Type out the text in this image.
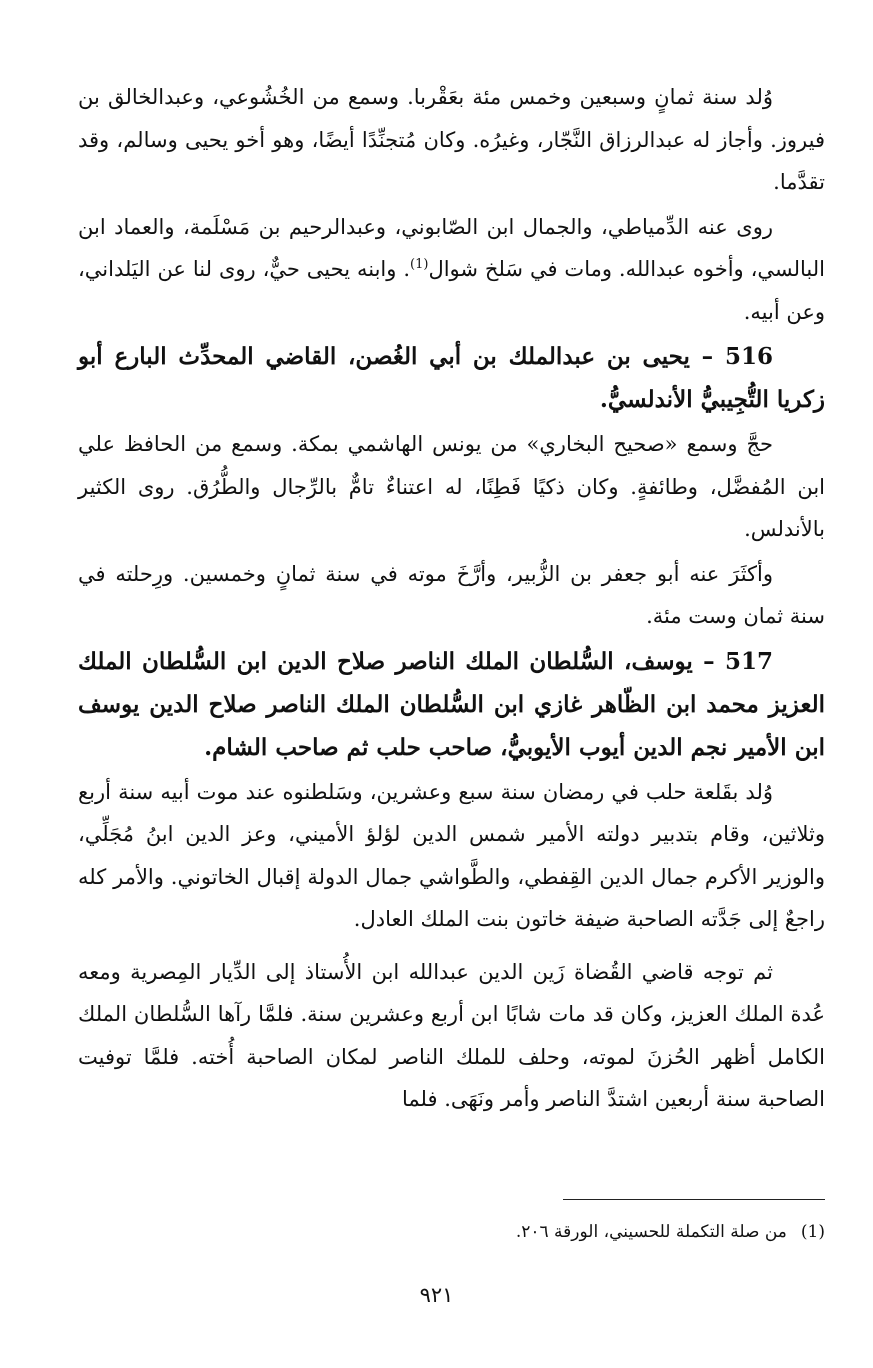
وُلد سنة ثمانٍ وسبعين وخمس مئة بعَقْربا. وسمع من الخُشُوعي، وعبدالخالق بن فيروز. وأجاز له عبدالرزاق النَّجّار، وغيرُه. وكان مُتجنِّدًا أيضًا، وهو أخو يحيى وسالم، وقد تقدَّما.

روى عنه الدِّمياطي، والجمال ابن الصّابوني، وعبدالرحيم بن مَسْلَمة، والعماد ابن البالسي، وأخوه عبدالله. ومات في سَلخ شوال$^{(1)}$. وابنه يحيى حيٌّ، روى لنا عن اليَلداني، وعن أبيه.

516 – يحيى بن عبدالملك بن أبي الغُصن، القاضي المحدِّث البارع أبو زكريا التُّجِيبيُّ الأندلسيُّ.

حجَّ وسمع «صحيح البخاري» من يونس الهاشمي بمكة. وسمع من الحافظ علي ابن المُفضَّل، وطائفةٍ. وكان ذكيًا فَطِنًا، له اعتناءٌ تامٌّ بالرِّجال والطُّرُق. روى الكثير بالأندلس.

وأكثَرَ عنه أبو جعفر بن الزُّبير، وأرَّخَ موته في سنة ثمانٍ وخمسين. ورِحلته في سنة ثمان وست مئة.

517 – يوسف، السُّلطان الملك الناصر صلاح الدين ابن السُّلطان الملك العزيز محمد ابن الظّاهر غازي ابن السُّلطان الملك الناصر صلاح الدين يوسف ابن الأمير نجم الدين أيوب الأيوبيُّ، صاحب حلب ثم صاحب الشام.

وُلد بقَلعة حلب في رمضان سنة سبع وعشرين، وسَلطنوه عند موت أبيه سنة أربع وثلاثين، وقام بتدبير دولته الأمير شمس الدين لؤلؤ الأميني، وعز الدين ابنُ مُجَلِّي، والوزير الأكرم جمال الدين القِفطي، والطَّواشي جمال الدولة إقبال الخاتوني. والأمر كله راجعٌ إلى جَدَّته الصاحبة ضيفة خاتون بنت الملك العادل.

ثم توجه قاضي القُضاة زَين الدين عبدالله ابن الأُستاذ إلى الدِّيار المِصرية ومعه عُدة الملك العزيز، وكان قد مات شابًا ابن أربع وعشرين سنة. فلمَّا رآها السُّلطان الملك الكامل أظهر الحُزنَ لموته، وحلف للملك الناصر لمكان الصاحبة أُخته. فلمَّا توفيت الصاحبة سنة أربعين اشتدَّ الناصر وأمر ونَهَى. فلما

(1)من صلة التكملة للحسيني، الورقة ٢٠٦.
٩٢١
